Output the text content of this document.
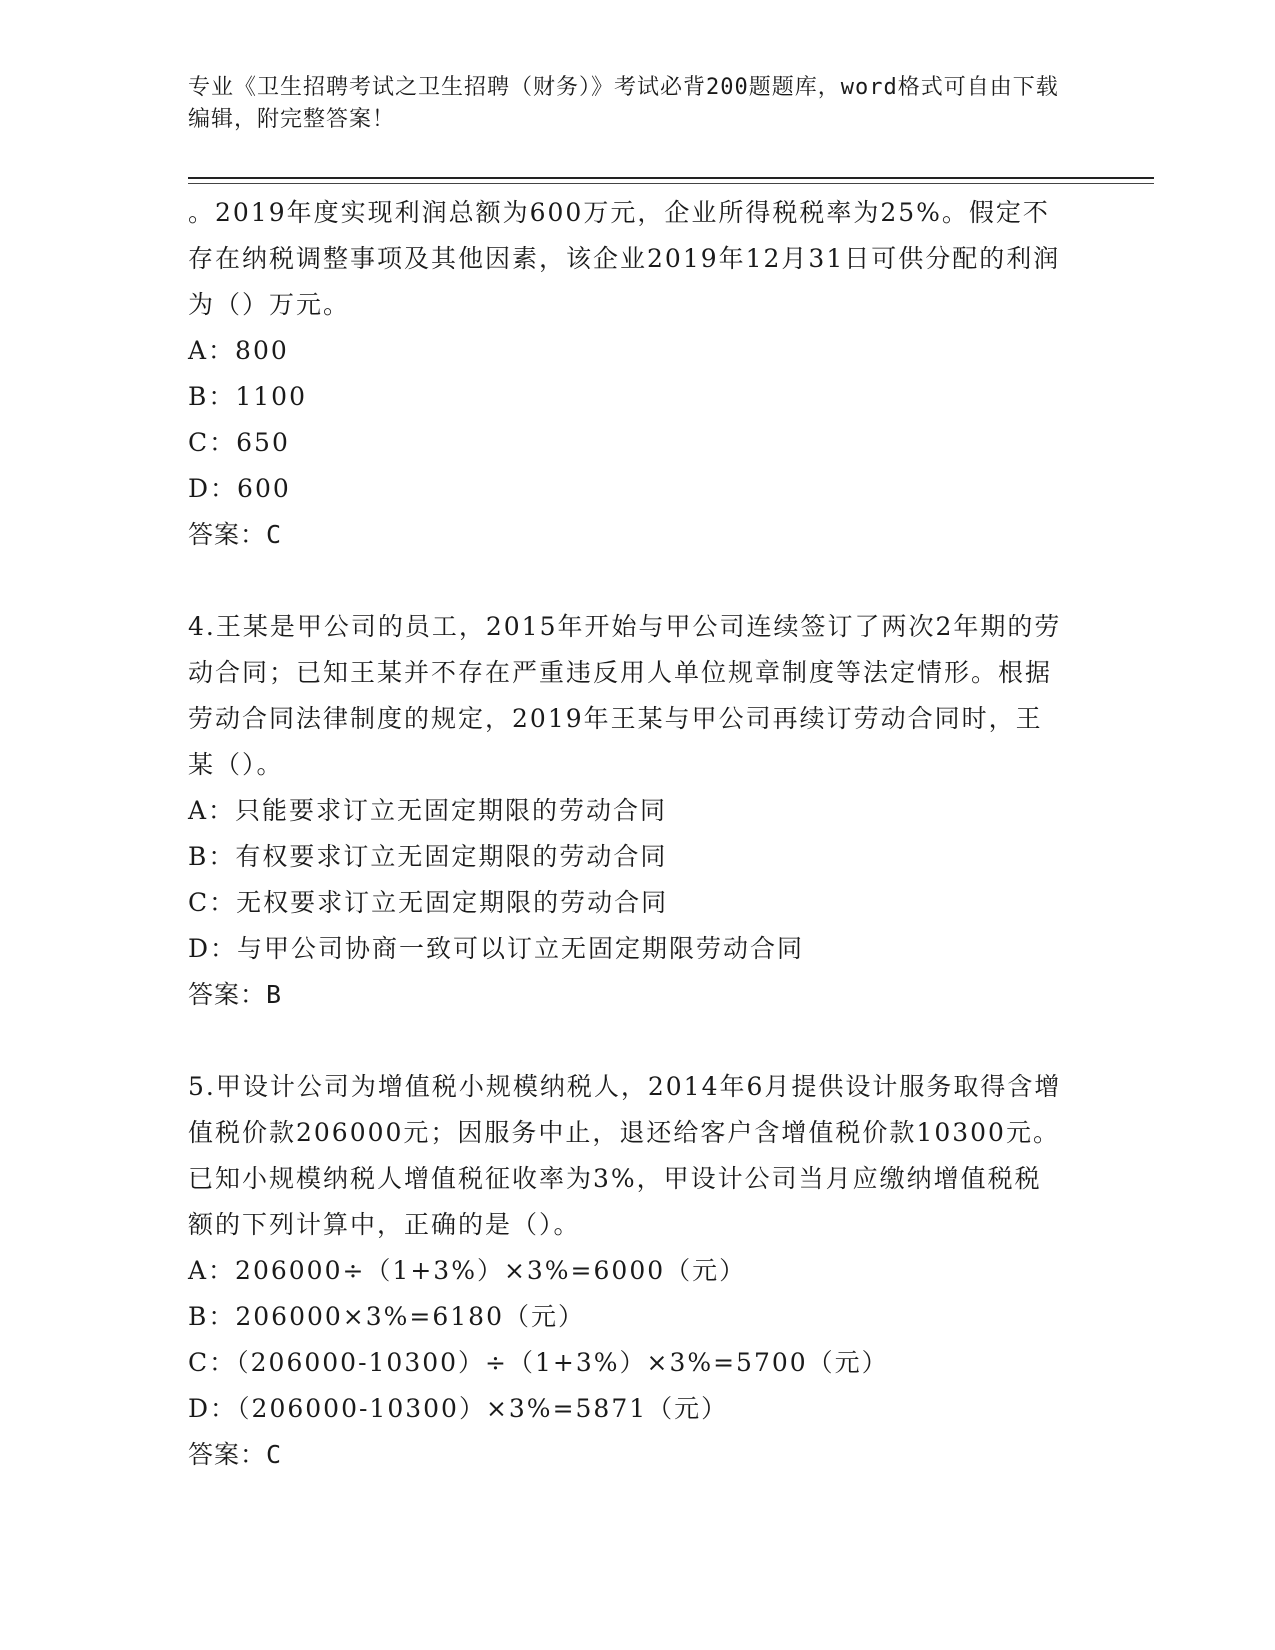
专业《卫生招聘考试之卫生招聘（财务）》考试必背200题题库，word格式可自由下载编辑，附完整答案！

。2019年度实现利润总额为600万元，企业所得税税率为25%。假定不存在纳税调整事项及其他因素，该企业2019年12月31日可供分配的利润为（）万元。

A：800

B：1100

C：650

D：600

答案：C

4.王某是甲公司的员工，2015年开始与甲公司连续签订了两次2年期的劳动合同；已知王某并不存在严重违反用人单位规章制度等法定情形。根据劳动合同法律制度的规定，2019年王某与甲公司再续订劳动合同时，王某（）。

A：只能要求订立无固定期限的劳动合同

B：有权要求订立无固定期限的劳动合同

C：无权要求订立无固定期限的劳动合同

D：与甲公司协商一致可以订立无固定期限劳动合同

答案：B

5.甲设计公司为增值税小规模纳税人，2014年6月提供设计服务取得含增值税价款206000元；因服务中止，退还给客户含增值税价款10300元。已知小规模纳税人增值税征收率为3%，甲设计公司当月应缴纳增值税税额的下列计算中，正确的是（）。

A：206000÷（1+3%）×3%=6000（元）

B：206000×3%=6180（元）

C：（206000-10300）÷（1+3%）×3%=5700（元）

D：（206000-10300）×3%=5871（元）

答案：C
